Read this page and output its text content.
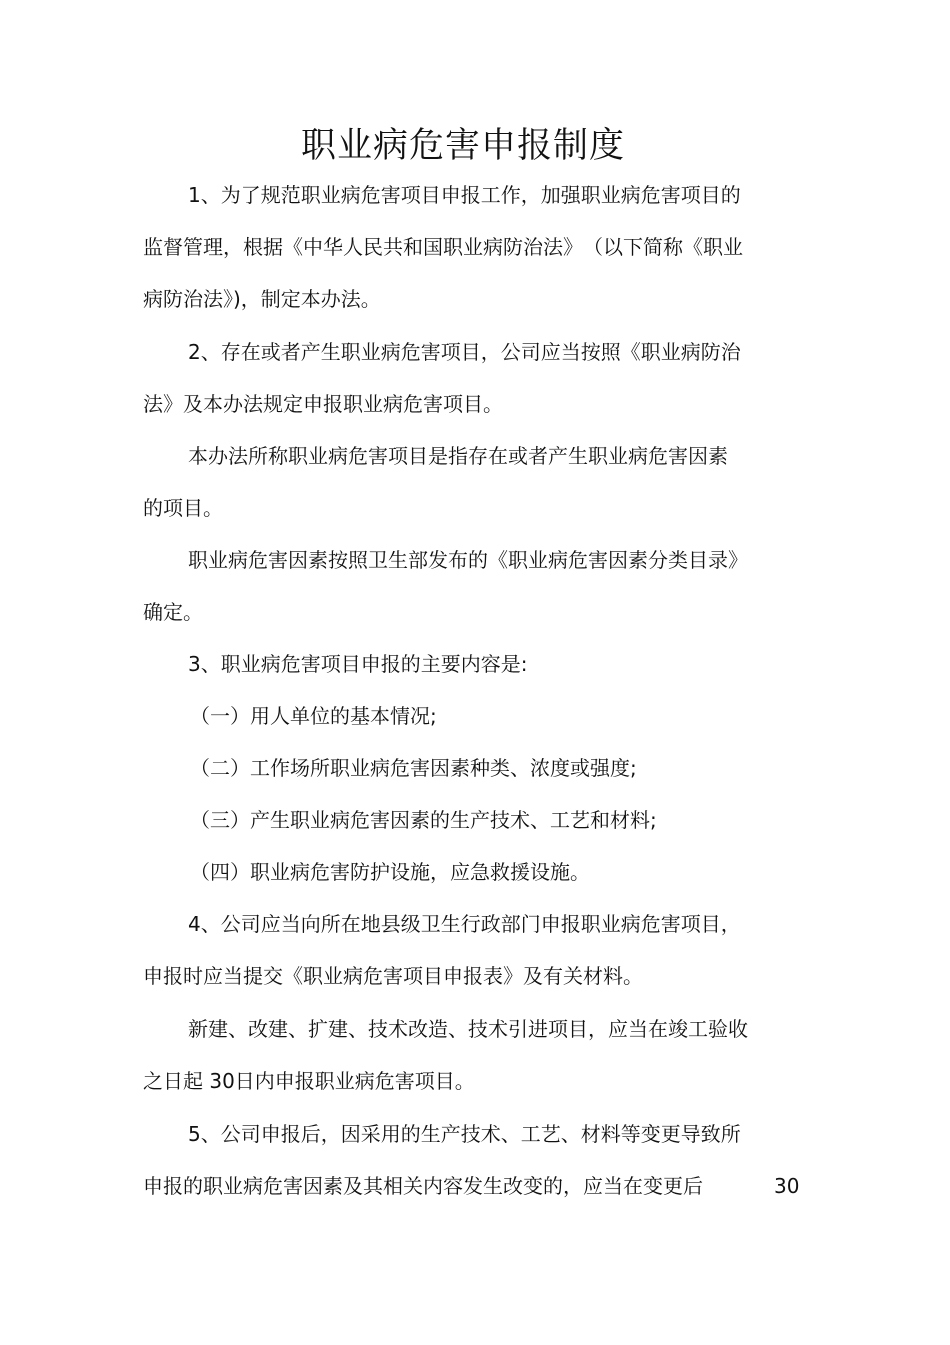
职业病危害申报制度

1、为了规范职业病危害项目申报工作，加强职业病危害项目的

监督管理，根据《中华人民共和国职业病防治法》　（以下简称《职业

病防治法》)，制定本办法。

2、存在或者产生职业病危害项目，公司应当按照《职业病防治

法》及本办法规定申报职业病危害项目。

本办法所称职业病危害项目是指存在或者产生职业病危害因素

的项目。

职业病危害因素按照卫生部发布的《职业病危害因素分类目录》

确定。

3、职业病危害项目申报的主要内容是:

（一）用人单位的基本情况;

（二）工作场所职业病危害因素种类、浓度或强度;

（三）产生职业病危害因素的生产技术、工艺和材料;

（四）职业病危害防护设施，应急救援设施。

4、公司应当向所在地县级卫生行政部门申报职业病危害项目，

申报时应当提交《职业病危害项目申报表》及有关材料。

新建、改建、扩建、技术改造、技术引进项目，应当在竣工验收

之日起 30日内申报职业病危害项目。

5、公司申报后，因采用的生产技术、工艺、材料等变更导致所

申报的职业病危害因素及其相关内容发生改变的，应当在变更后	30
